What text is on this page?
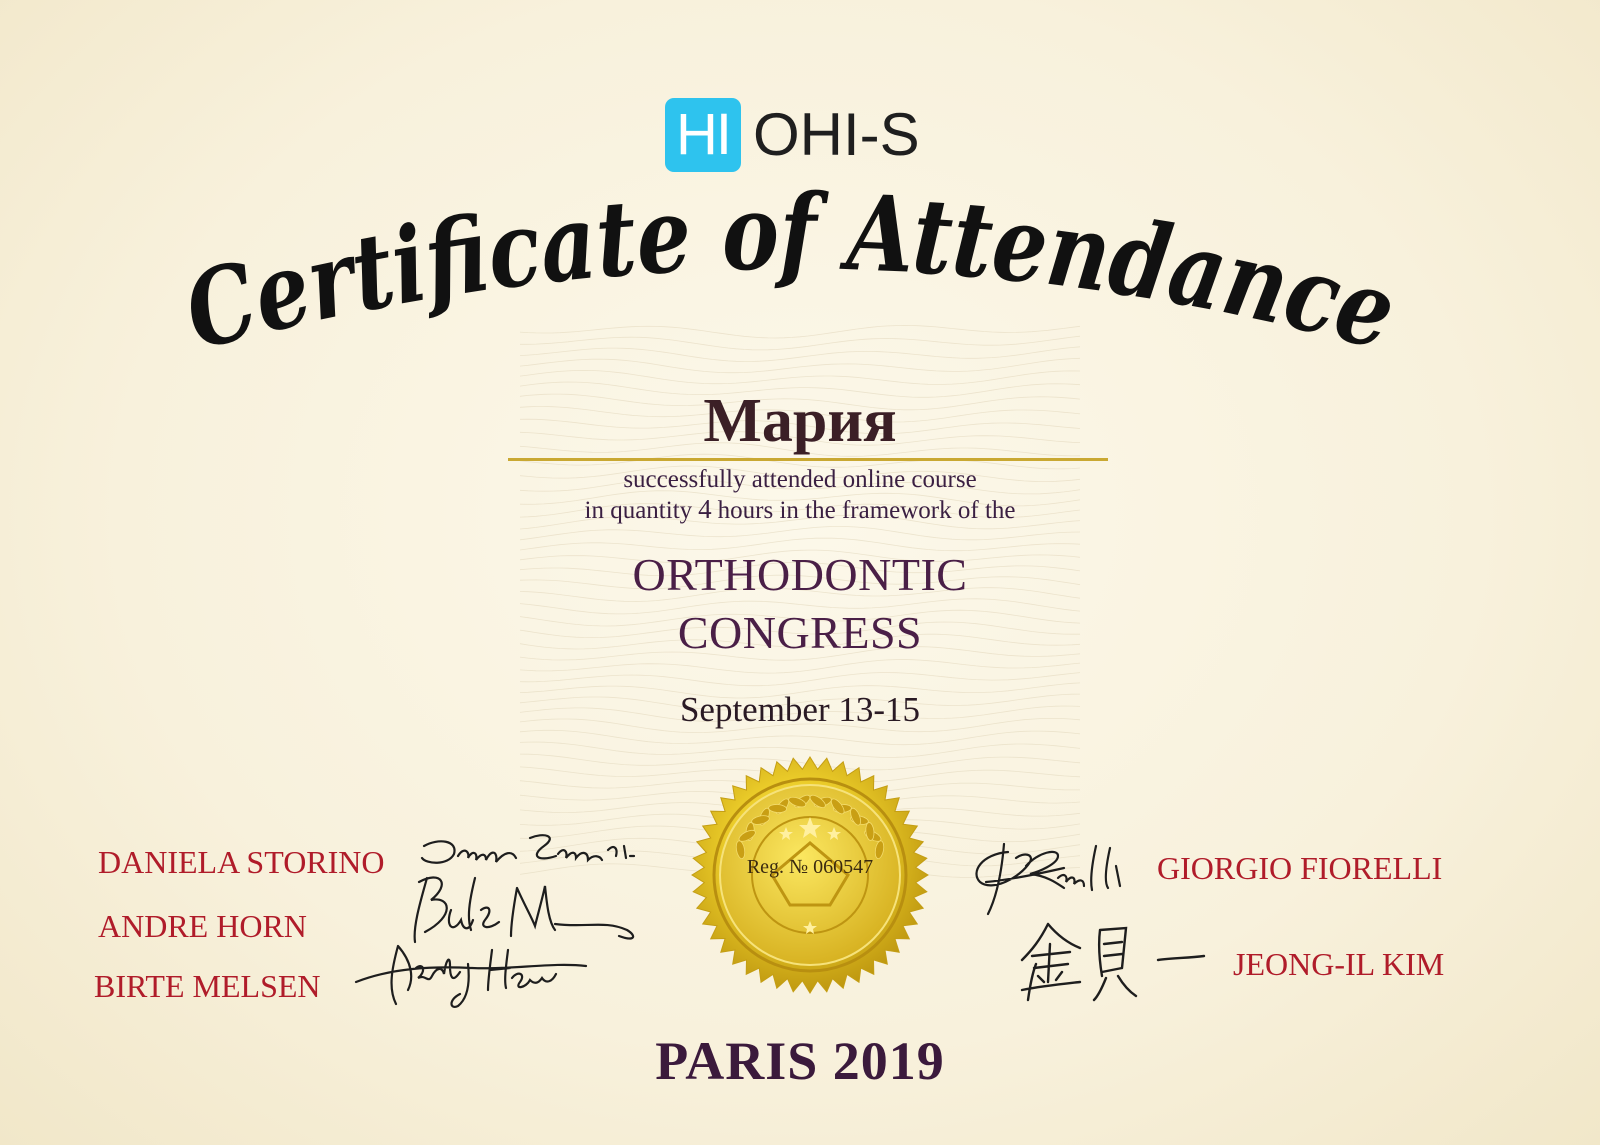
HI OHI-S
Certificate of Attendance
Мария
successfully attended online course
in quantity 4 hours in the framework of the
ORTHODONTIC
CONGRESS
September 13-15
Reg. № 060547
DANIELA STORINO
ANDRE HORN
BIRTE MELSEN
GIORGIO FIORELLI
JEONG-IL KIM
PARIS 2019
